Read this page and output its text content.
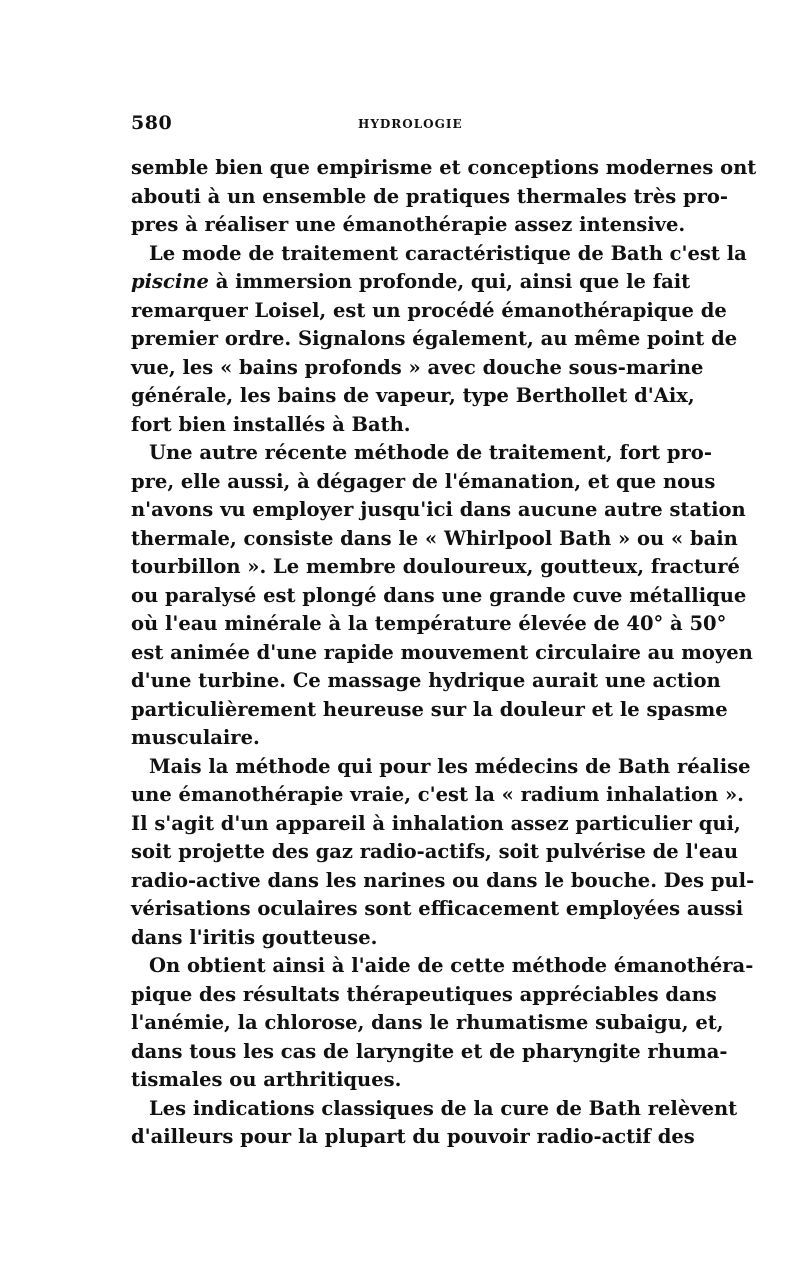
580	HYDROLOGIE

semble bien que empirisme et conceptions modernes ont
abouti à un ensemble de pratiques thermales très pro-
pres à réaliser une émanothérapie assez intensive.

Le mode de traitement caractéristique de Bath c'est la
piscine à immersion profonde, qui, ainsi que le fait
remarquer Loisel, est un procédé émanothérapique de
premier ordre. Signalons également, au même point de
vue, les « bains profonds » avec douche sous-marine
générale, les bains de vapeur, type Berthollet d'Aix,
fort bien installés à Bath.

Une autre récente méthode de traitement, fort pro-
pre, elle aussi, à dégager de l'émanation, et que nous
n'avons vu employer jusqu'ici dans aucune autre station
thermale, consiste dans le « Whirlpool Bath » ou « bain
tourbillon ». Le membre douloureux, goutteux, fracturé
ou paralysé est plongé dans une grande cuve métallique
où l'eau minérale à la température élevée de 40° à 50°
est animée d'une rapide mouvement circulaire au moyen
d'une turbine. Ce massage hydrique aurait une action
particulièrement heureuse sur la douleur et le spasme
musculaire.

Mais la méthode qui pour les médecins de Bath réalise
une émanothérapie vraie, c'est la « radium inhalation ».
Il s'agit d'un appareil à inhalation assez particulier qui,
soit projette des gaz radio-actifs, soit pulvérise de l'eau
radio-active dans les narines ou dans le bouche. Des pul-
vérisations oculaires sont efficacement employées aussi
dans l'iritis goutteuse.

On obtient ainsi à l'aide de cette méthode émanothéra-
pique des résultats thérapeutiques appréciables dans
l'anémie, la chlorose, dans le rhumatisme subaigu, et,
dans tous les cas de laryngite et de pharyngite rhuma-
tismales ou arthritiques.

Les indications classiques de la cure de Bath relèvent
d'ailleurs pour la plupart du pouvoir radio-actif des
